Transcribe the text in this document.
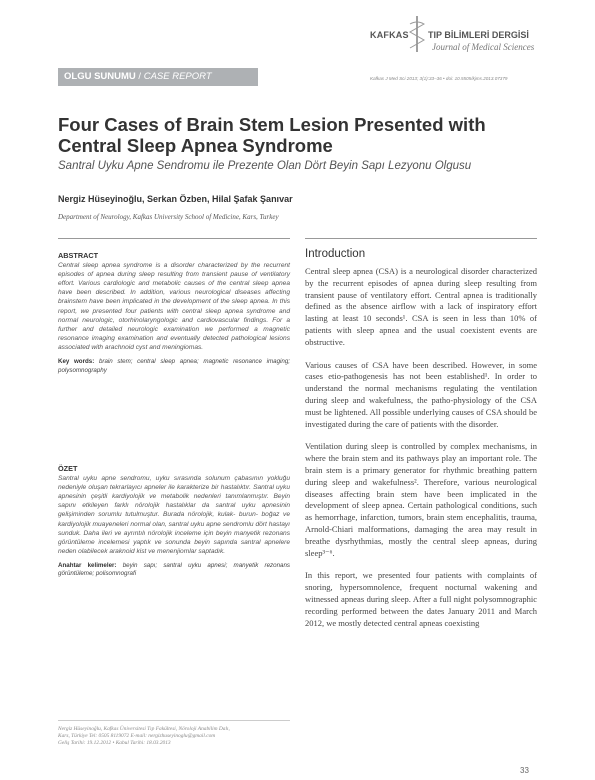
KAFKAS TIP BİLİMLERİ DERGİSİ
Journal of Medical Sciences
Kafkas J Med Sci 2013; 3(1):33–36 • doi: 10.5505/kjms.2013.07379
OLGU SUNUMU / CASE REPORT
Four Cases of Brain Stem Lesion Presented with Central Sleep Apnea Syndrome
Santral Uyku Apne Sendromu ile Prezente Olan Dört Beyin Sapı Lezyonu Olgusu
Nergiz Hüseyinoğlu, Serkan Özben, Hilal Şafak Şanıvar
Department of Neurology, Kafkas University School of Medicine, Kars, Turkey
ABSTRACT
Central sleep apnea syndrome is a disorder characterized by the recurrent episodes of apnea during sleep resulting from transient pause of ventilatory effort. Various cardiologic and metabolic causes of the central sleep apnea have been described. In addition, various neurological diseases affecting brainstem have been implicated in the development of the sleep apnea. In this report, we presented four patients with central sleep apnea syndrome and normal neurologic, otorhinolaryngologic and cardiovascular findings. For a further and detailed neurologic examination we performed a magnetic resonance imaging examination and eventually detected pathological lesions associated with arachnoid cyst and meningiomas.
Key words: brain stem; central sleep apnea; magnetic resonance imaging; polysomnography
ÖZET
Santral uyku apne sendromu, uyku sırasında solunum çabasının yokluğu nedeniyle oluşan tekrarlayıcı apneler ile karakterize bir hastalıktır. Santral uyku apnesinin çeşitli kardiyolojik ve metabolik nedenleri tanımlanmıştır. Beyin sapını etkileyen farklı nörolojik hastalıklar da santral uyku apnesinin gelişiminden sorumlu tutulmuştur. Burada nörolojik, kulak- burun- boğaz ve kardiyolojik muayeneleri normal olan, santral uyku apne sendromlu dört hastayı sunduk. Daha ileri ve ayrıntılı nörolojik inceleme için beyin manyetik rezonans görüntüleme incelemesi yaptık ve sonunda beyin sapında santral apnelere neden olabilecek araknoid kist ve menenjiomlar saptadık.
Anahtar kelimeler: beyin sapı; santral uyku apnesi; manyetik rezonans görüntüleme; polisomnografi
Nergiz Hüseyinoğlu, Kafkas Üniversitesi Tıp Fakültesi, Nöroloji Anabilim Dalı,
Kars, Türkiye Tel: 0505 8119072 E-mail: nergizhuseyinoglu@gmail.com
Geliş Tarihi: 19.12.2012 • Kabul Tarihi: 18.03.2013
Introduction

Central sleep apnea (CSA) is a neurological disorder characterized by the recurrent episodes of apnea during sleep resulting from transient pause of ventilatory effort. Central apnea is traditionally defined as the absence airflow with a lack of inspiratory effort lasting at least 10 seconds¹. CSA is seen in less than 10% of patients with sleep apnea and the usual coexistent events are obstructive.

Various causes of CSA have been described. However, in some cases etio-pathogenesis has not been established¹. In order to understand the normal mechanisms regulating the ventilation during sleep and wakefulness, the patho-physiology of the CSA must be lightened. All possible underlying causes of CSA should be investigated during the care of patients with the disorder.

Ventilation during sleep is controlled by complex mechanisms, in where the brain stem and its pathways play an important role. The brain stem is a primary generator for rhythmic breathing pattern during sleep and wakefulness². Therefore, various neurological diseases affecting brain stem have been implicated in the development of sleep apnea. Certain pathological conditions, such as hemorrhage, infarction, tumors, brain stem encephalitis, trauma, Arnold-Chiari malformations, damaging the area may result in breathe dysrhythmias, mostly the central sleep apneas, during sleep³⁻⁶.

In this report, we presented four patients with complaints of snoring, hypersomnolence, frequent nocturnal wakening and witnessed apneas during sleep. After a full night polysomnographic recording performed between the dates January 2011 and March 2012, we mostly detected central apneas coexisting

33
